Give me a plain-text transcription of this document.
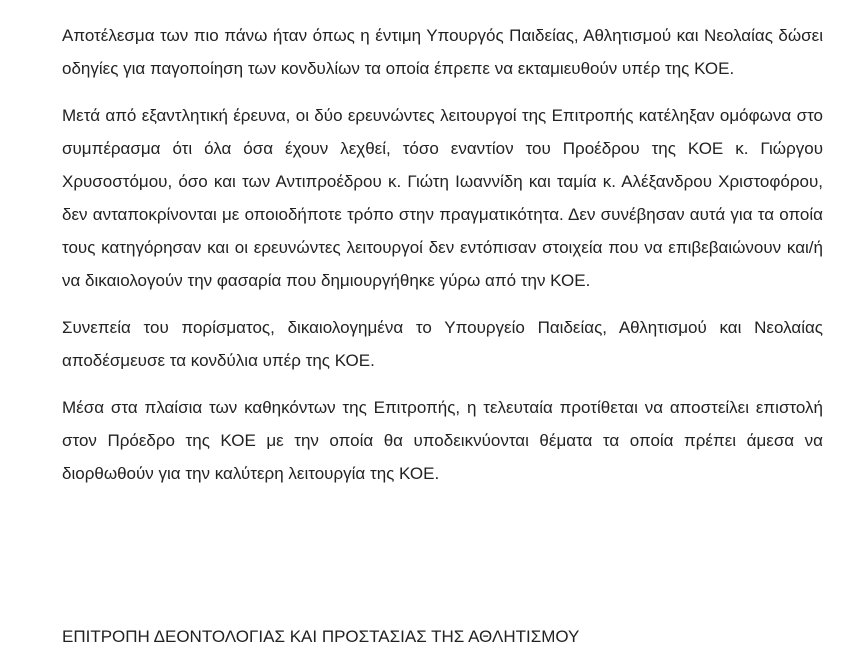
Αποτέλεσμα των πιο πάνω ήταν όπως η έντιμη Υπουργός Παιδείας, Αθλητισμού και Νεολαίας δώσει οδηγίες για παγοποίηση των κονδυλίων τα οποία έπρεπε να εκταμιευθούν υπέρ της ΚΟΕ.

Μετά από εξαντλητική έρευνα, οι δύο ερευνώντες λειτουργοί της Επιτροπής κατέληξαν ομόφωνα στο συμπέρασμα ότι όλα όσα έχουν λεχθεί, τόσο εναντίον του Προέδρου της ΚΟΕ κ. Γιώργου Χρυσοστόμου, όσο και των Αντιπροέδρου κ. Γιώτη Ιωαννίδη και ταμία κ. Αλέξανδρου Χριστοφόρου, δεν ανταποκρίνονται με οποιοδήποτε τρόπο στην πραγματικότητα. Δεν συνέβησαν αυτά για τα οποία τους κατηγόρησαν και οι ερευνώντες λειτουργοί δεν εντόπισαν στοιχεία που να επιβεβαιώνουν και/ή να δικαιολογούν την φασαρία που δημιουργήθηκε γύρω από την ΚΟΕ.

Συνεπεία του πορίσματος, δικαιολογημένα το Υπουργείο Παιδείας, Αθλητισμού και Νεολαίας αποδέσμευσε τα κονδύλια υπέρ της ΚΟΕ.

Μέσα στα πλαίσια των καθηκόντων της Επιτροπής, η τελευταία προτίθεται να αποστείλει επιστολή στον Πρόεδρο της ΚΟΕ με την οποία θα υποδεικνύονται θέματα τα οποία πρέπει άμεσα να διορθωθούν για την καλύτερη λειτουργία της ΚΟΕ.

ΕΠΙΤΡΟΠΗ ΔΕΟΝΤΟΛΟΓΙΑΣ ΚΑΙ ΠΡΟΣΤΑΣΙΑΣ ΤΗΣ ΑΘΛΗΤΙΣΜΟΥ
